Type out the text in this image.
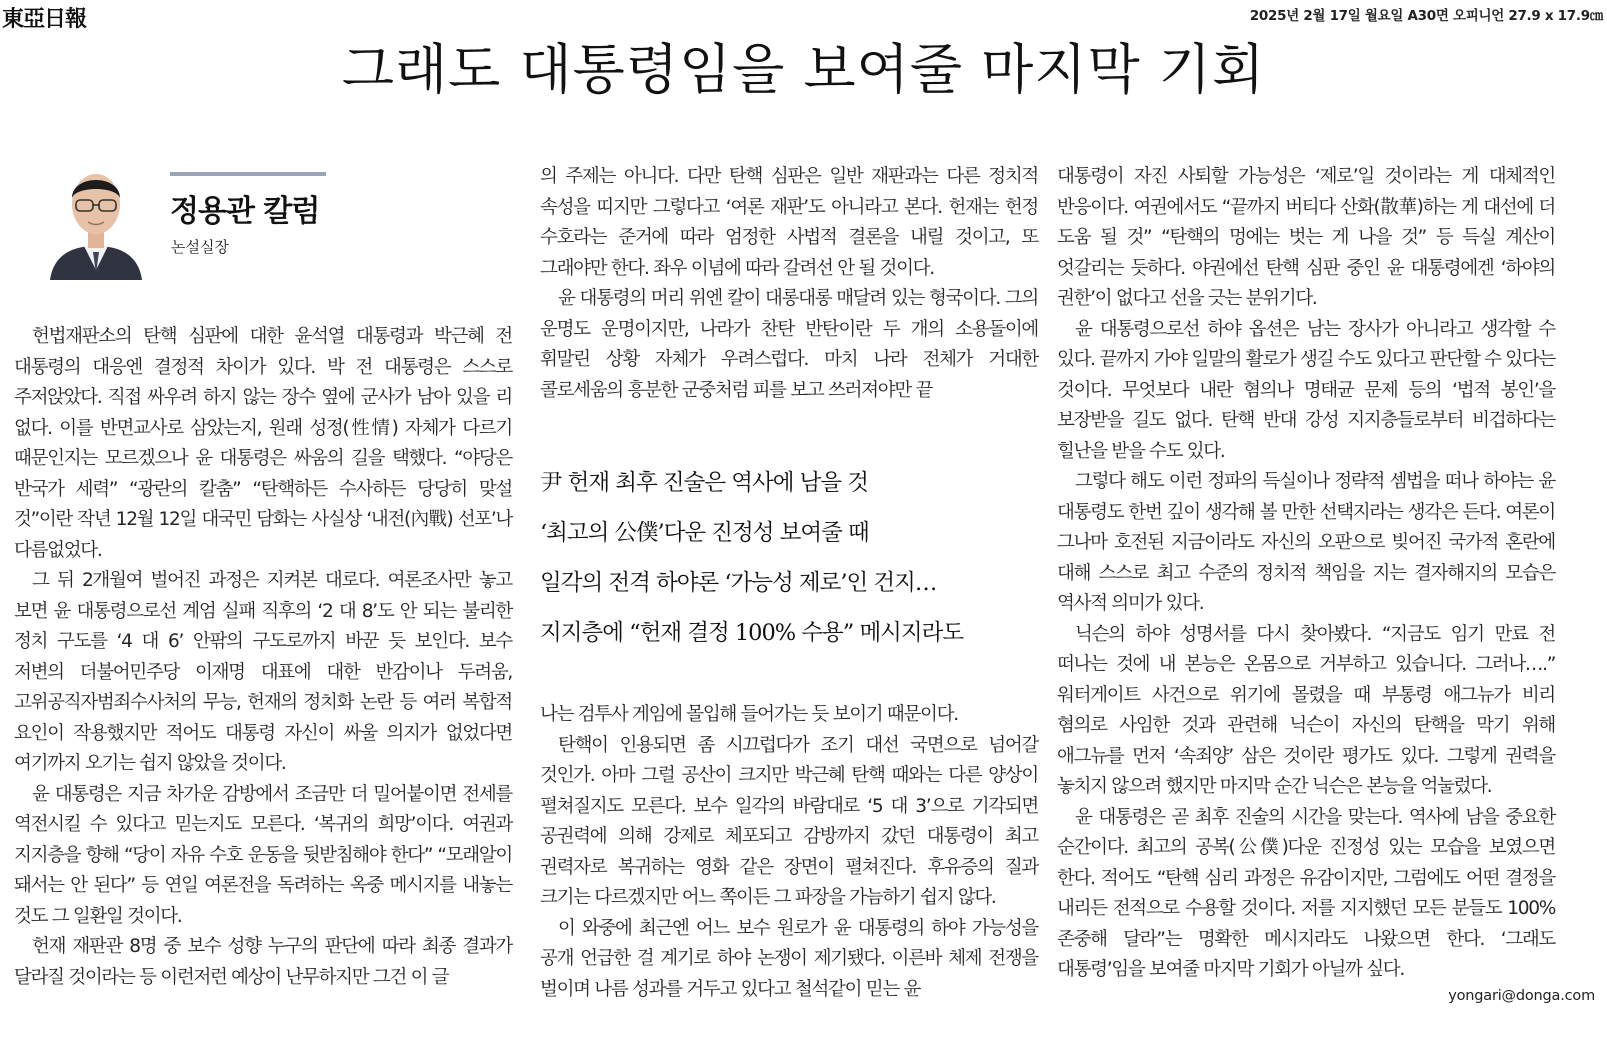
東亞日報	2025년 2월 17일 월요일 A30면 오피니언 27.9 x 17.9㎝
그래도 대통령임을 보여줄 마지막 기회
정용관 칼럼
논설실장

헌법재판소의 탄핵 심판에 대한 윤석열 대통령과 박근혜 전 대통령의 대응엔 결정적 차이가 있다. 박 전 대통령은 스스로 주저앉았다. 직접 싸우려 하지 않는 장수 옆에 군사가 남아 있을 리 없다. 이를 반면교사로 삼았는지, 원래 성정(性情) 자체가 다르기 때문인지는 모르겠으나 윤 대통령은 싸움의 길을 택했다. “야당은 반국가 세력” “광란의 칼춤” “탄핵하든 수사하든 당당히 맞설 것”이란 작년 12월 12일 대국민 담화는 사실상 ‘내전(內戰) 선포’나 다름없었다.

그 뒤 2개월여 벌어진 과정은 지켜본 대로다. 여론조사만 놓고 보면 윤 대통령으로선 계엄 실패 직후의 ‘2 대 8’도 안 되는 불리한 정치 구도를 ‘4 대 6’ 안팎의 구도로까지 바꾼 듯 보인다. 보수 저변의 더불어민주당 이재명 대표에 대한 반감이나 두려움, 고위공직자범죄수사처의 무능, 헌재의 정치화 논란 등 여러 복합적 요인이 작용했지만 적어도 대통령 자신이 싸울 의지가 없었다면 여기까지 오기는 쉽지 않았을 것이다.

윤 대통령은 지금 차가운 감방에서 조금만 더 밀어붙이면 전세를 역전시킬 수 있다고 믿는지도 모른다. ‘복귀의 희망’이다. 여권과 지지층을 향해 “당이 자유 수호 운동을 뒷받침해야 한다” “모래알이 돼서는 안 된다” 등 연일 여론전을 독려하는 옥중 메시지를 내놓는 것도 그 일환일 것이다.

헌재 재판관 8명 중 보수 성향 누구의 판단에 따라 최종 결과가 달라질 것이라는 등 이런저런 예상이 난무하지만 그건 이 글

의 주제는 아니다. 다만 탄핵 심판은 일반 재판과는 다른 정치적 속성을 띠지만 그렇다고 ‘여론 재판’도 아니라고 본다. 헌재는 헌정 수호라는 준거에 따라 엄정한 사법적 결론을 내릴 것이고, 또 그래야만 한다. 좌우 이념에 따라 갈려선 안 될 것이다.

윤 대통령의 머리 위엔 칼이 대롱대롱 매달려 있는 형국이다. 그의 운명도 운명이지만, 나라가 찬탄 반탄이란 두 개의 소용돌이에 휘말린 상황 자체가 우려스럽다. 마치 나라 전체가 거대한 콜로세움의 흥분한 군중처럼 피를 보고 쓰러져야만 끝

尹 헌재 최후 진술은 역사에 남을 것
‘최고의 公僕’다운 진정성 보여줄 때
일각의 전격 하야론 ‘가능성 제로’인 건지…
지지층에 “헌재 결정 100% 수용” 메시지라도

나는 검투사 게임에 몰입해 들어가는 듯 보이기 때문이다.

탄핵이 인용되면 좀 시끄럽다가 조기 대선 국면으로 넘어갈 것인가. 아마 그럴 공산이 크지만 박근혜 탄핵 때와는 다른 양상이 펼쳐질지도 모른다. 보수 일각의 바람대로 ‘5 대 3’으로 기각되면 공권력에 의해 강제로 체포되고 감방까지 갔던 대통령이 최고 권력자로 복귀하는 영화 같은 장면이 펼쳐진다. 후유증의 질과 크기는 다르겠지만 어느 쪽이든 그 파장을 가늠하기 쉽지 않다.

이 와중에 최근엔 어느 보수 원로가 윤 대통령의 하야 가능성을 공개 언급한 걸 계기로 하야 논쟁이 제기됐다. 이른바 체제 전쟁을 벌이며 나름 성과를 거두고 있다고 철석같이 믿는 윤

대통령이 자진 사퇴할 가능성은 ‘제로’일 것이라는 게 대체적인 반응이다. 여권에서도 “끝까지 버티다 산화(散華)하는 게 대선에 더 도움 될 것” “탄핵의 멍에는 벗는 게 나을 것” 등 득실 계산이 엇갈리는 듯하다. 야권에선 탄핵 심판 중인 윤 대통령에겐 ‘하야의 권한’이 없다고 선을 긋는 분위기다.

윤 대통령으로선 하야 옵션은 남는 장사가 아니라고 생각할 수 있다. 끝까지 가야 일말의 활로가 생길 수도 있다고 판단할 수 있다는 것이다. 무엇보다 내란 혐의나 명태균 문제 등의 ‘법적 봉인’을 보장받을 길도 없다. 탄핵 반대 강성 지지층들로부터 비겁하다는 힐난을 받을 수도 있다.

그렇다 해도 이런 정파의 득실이나 정략적 셈법을 떠나 하야는 윤 대통령도 한번 깊이 생각해 볼 만한 선택지라는 생각은 든다. 여론이 그나마 호전된 지금이라도 자신의 오판으로 빚어진 국가적 혼란에 대해 스스로 최고 수준의 정치적 책임을 지는 결자해지의 모습은 역사적 의미가 있다.

닉슨의 하야 성명서를 다시 찾아봤다. “지금도 임기 만료 전 떠나는 것에 내 본능은 온몸으로 거부하고 있습니다. 그러나….” 워터게이트 사건으로 위기에 몰렸을 때 부통령 애그뉴가 비리 혐의로 사임한 것과 관련해 닉슨이 자신의 탄핵을 막기 위해 애그뉴를 먼저 ‘속죄양’ 삼은 것이란 평가도 있다. 그렇게 권력을 놓치지 않으려 했지만 마지막 순간 닉슨은 본능을 억눌렀다.

윤 대통령은 곧 최후 진술의 시간을 맞는다. 역사에 남을 중요한 순간이다. 최고의 공복(公僕)다운 진정성 있는 모습을 보였으면 한다. 적어도 “탄핵 심리 과정은 유감이지만, 그럼에도 어떤 결정을 내리든 전적으로 수용할 것이다. 저를 지지했던 모든 분들도 100% 존중해 달라”는 명확한 메시지라도 나왔으면 한다. ‘그래도 대통령’임을 보여줄 마지막 기회가 아닐까 싶다.

yongari@donga.com
